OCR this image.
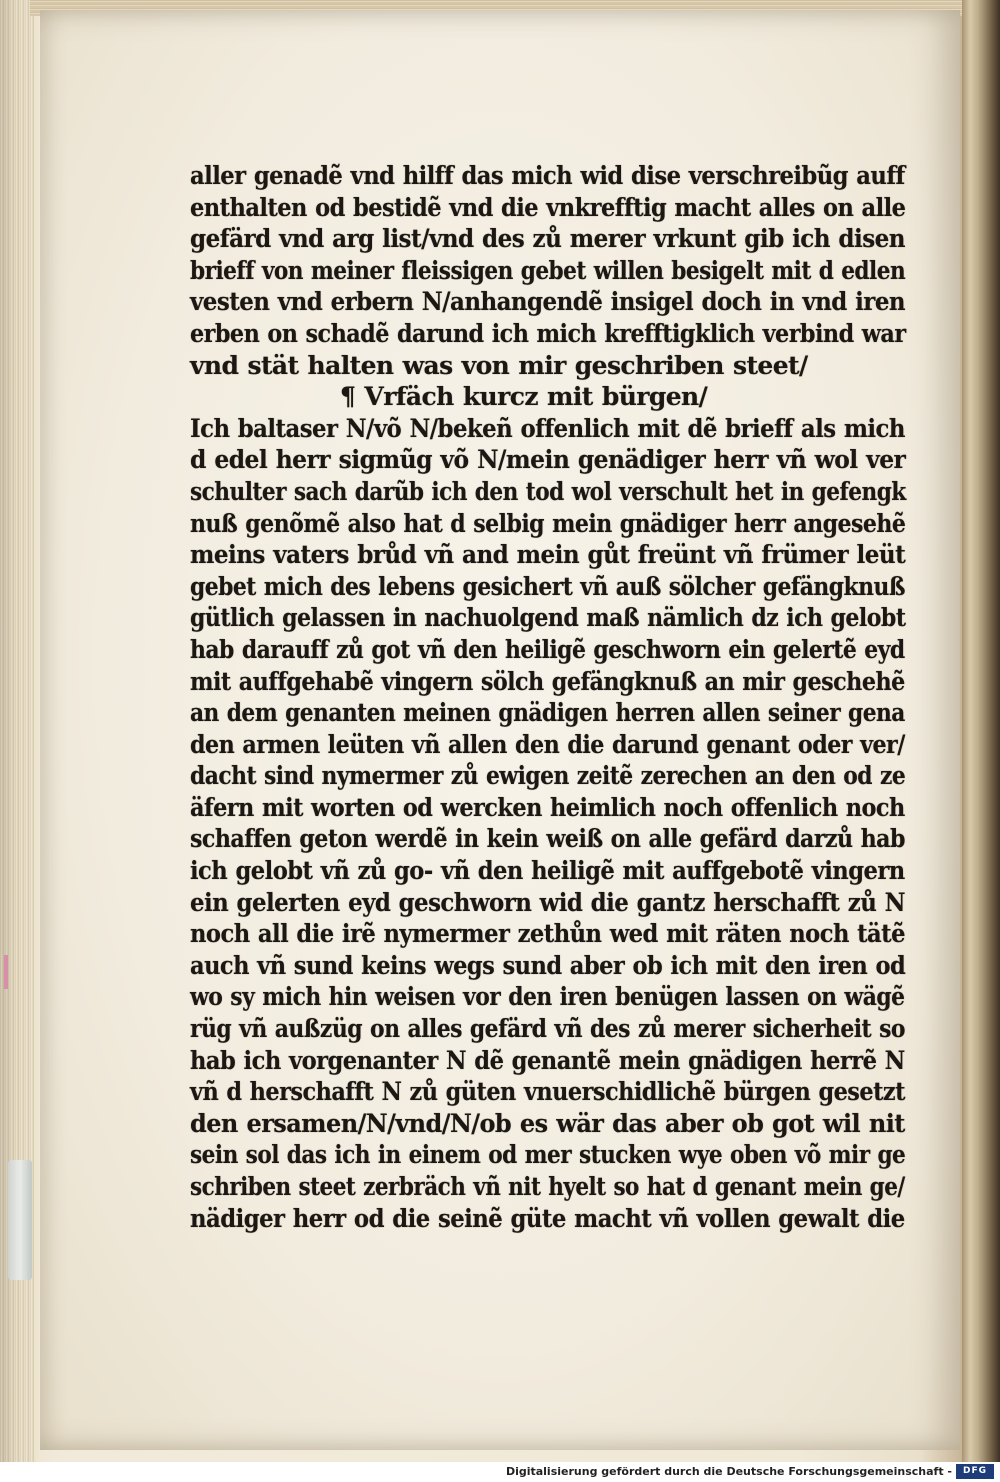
aller genadẽ vnd hilff das mich wid dise verschreibũg auff
enthalten od bestidẽ vnd die vnkrefftig macht alles on alle
gefärd vnd arg list/vnd des zů merer vrkunt gib ich disen
brieff von meiner fleissigen gebet willen besigelt mit d edlen
vesten vnd erbern N/anhangendẽ insigel doch in vnd iren
erben on schadẽ darund ich mich krefftigklich verbind war
vnd stät halten was von mir geschriben steet/
¶ Vrfäch kurcz mit bürgen/
Ich baltaser N/võ N/bekeñ offenlich mit dẽ brieff als mich
d edel herr sigmũg võ N/mein genädiger herr vñ wol ver
schulter sach darũb ich den tod wol verschult het in gefengk
nuß genõmẽ also hat d selbig mein gnädiger herr angesehẽ
meins vaters brůd vñ and mein gůt freünt vñ frümer leüt
gebet mich des lebens gesichert vñ auß sölcher gefängknuß
gütlich gelassen in nachuolgend maß nämlich dz ich gelobt
hab darauff zů got vñ den heiligẽ geschworn ein gelertẽ eyd
mit auffgehabẽ vingern sölch gefängknuß an mir geschehẽ
an dem genanten meinen gnädigen herren allen seiner gena
den armen leüten vñ allen den die darund genant oder ver/
dacht sind nymermer zů ewigen zeitẽ zerechen an den od ze
äfern mit worten od wercken heimlich noch offenlich noch
schaffen geton werdẽ in kein weiß on alle gefärd darzů hab
ich gelobt vñ zů go- vñ den heiligẽ mit auffgebotẽ vingern
ein gelerten eyd geschworn wid die gantz herschafft zů N
noch all die irẽ nymermer zethůn wed mit räten noch tätẽ
auch vñ sund keins wegs sund aber ob ich mit den iren od
wo sy mich hin weisen vor den iren benügen lassen on wägẽ
rüg vñ außzüg on alles gefärd vñ des zů merer sicherheit so
hab ich vorgenanter N dẽ genantẽ mein gnädigen herrẽ N
vñ d herschafft N zů güten vnuerschidlichẽ bürgen gesetzt
den ersamen/N/vnd/N/ob es wär das aber ob got wil nit
sein sol das ich in einem od mer stucken wye oben võ mir ge
schriben steet zerbräch vñ nit hyelt so hat d genant mein ge/
nädiger herr od die seinẽ güte macht vñ vollen gewalt die
Digitalisierung gefördert durch die Deutsche Forschungsgemeinschaft -	DFG
